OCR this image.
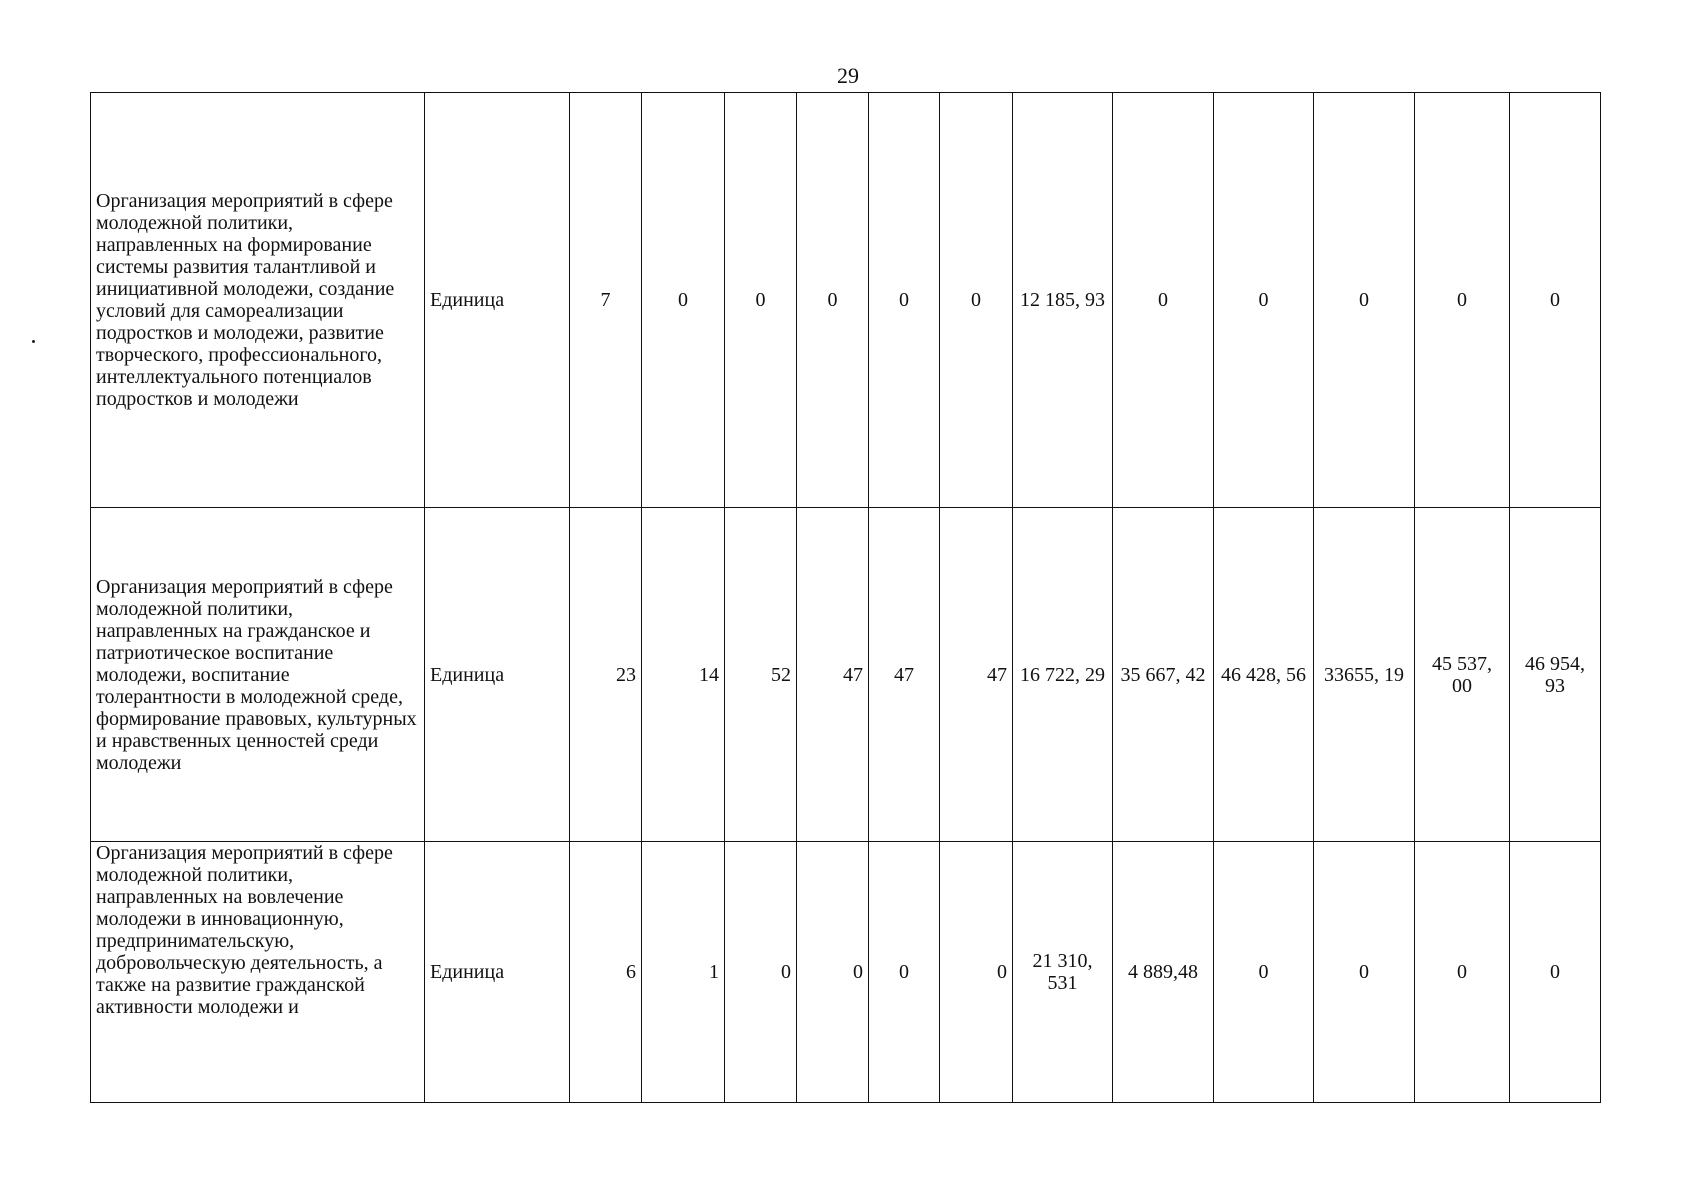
29
Организация мероприятий в сфере молодежной политики, направленных на формирование системы развития талантливой и инициативной молодежи, создание условий для самореализации подростков и молодежи, развитие творческого, профессионального, интеллектуального потенциалов подростков и молодежи	Единица	7	0	0	0	0	0	12 185, 93	0	0	0	0	0
Организация мероприятий в сфере молодежной политики, направленных на гражданское и патриотическое воспитание молодежи, воспитание толерантности в молодежной среде, формирование правовых, культурных и нравственных ценностей среди молодежи	Единица	23	14	52	47	47	47	16 722, 29	35 667, 42	46 428, 56	33655, 19	45 537, 00	46 954, 93
Организация мероприятий в сфере молодежной политики, направленных на вовлечение молодежи в инновационную, предпринимательскую, добровольческую деятельность, а также на развитие гражданской активности молодежи и	Единица	6	1	0	0	0	0	21 310, 531	4 889,48	0	0	0	0
